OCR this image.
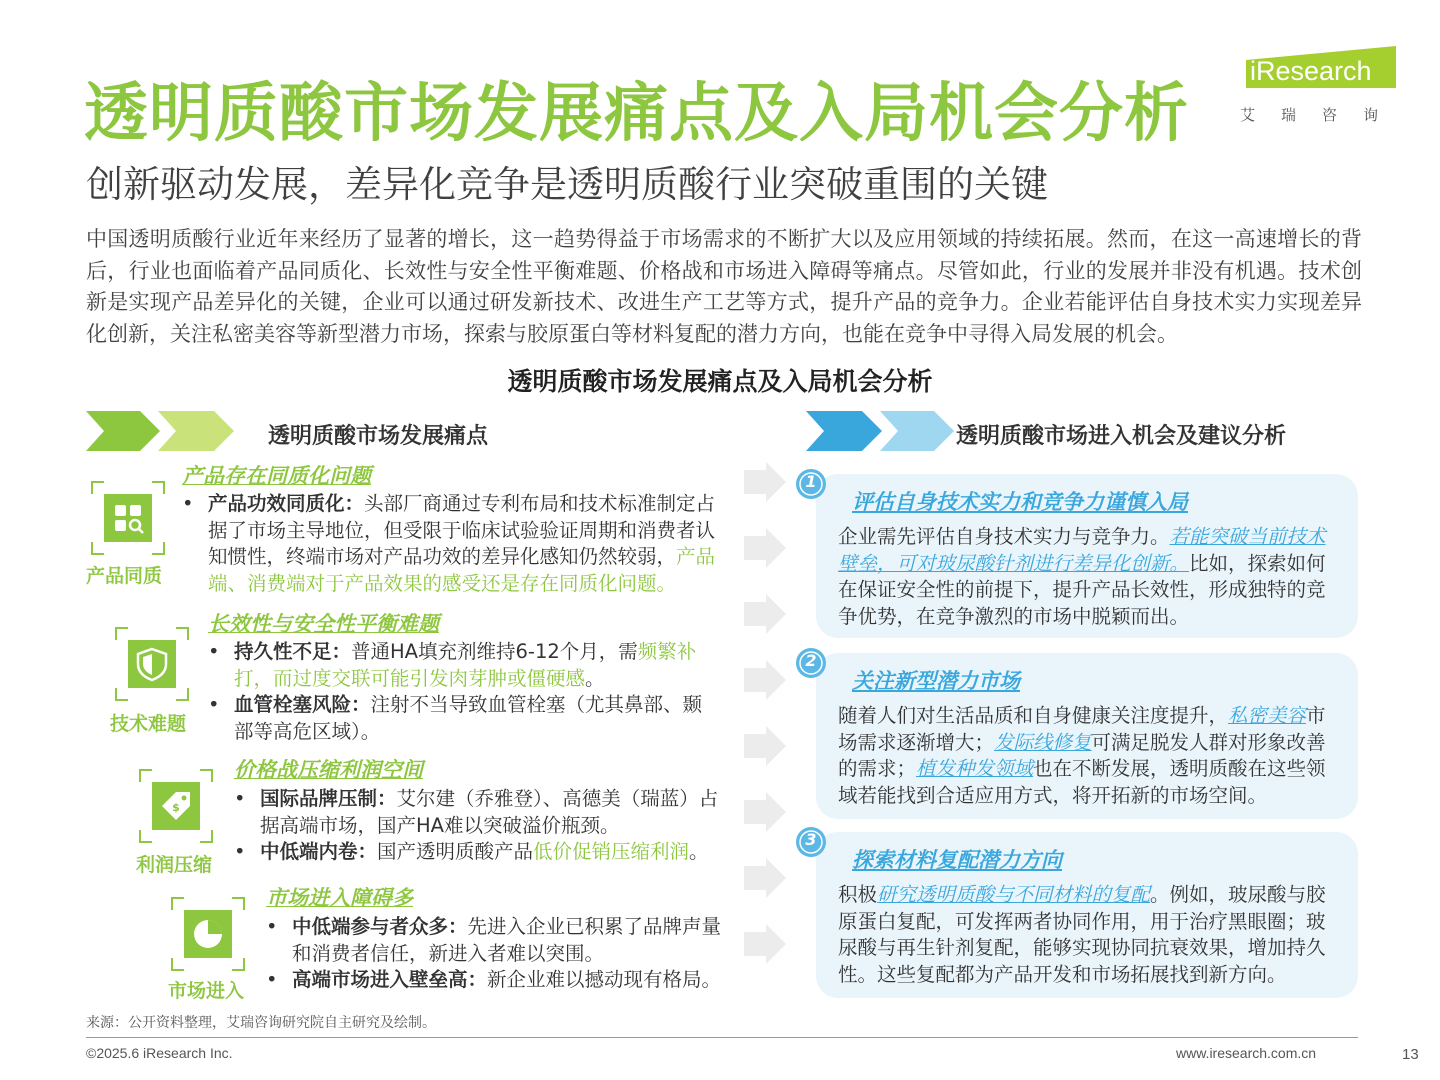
透明质酸市场发展痛点及入局机会分析
创新驱动发展，差异化竞争是透明质酸行业突破重围的关键
iResearch
艾瑞咨询
中国透明质酸行业近年来经历了显著的增长，这一趋势得益于市场需求的不断扩大以及应用领域的持续拓展。然而，在这一高速增长的背后，行业也面临着产品同质化、长效性与安全性平衡难题、价格战和市场进入障碍等痛点。尽管如此，行业的发展并非没有机遇。技术创新是实现产品差异化的关键，企业可以通过研发新技术、改进生产工艺等方式，提升产品的竞争力。企业若能评估自身技术实力实现差异化创新，关注私密美容等新型潜力市场，探索与胶原蛋白等材料复配的潜力方向，也能在竞争中寻得入局发展的机会。
透明质酸市场发展痛点及入局机会分析
透明质酸市场发展痛点	透明质酸市场进入机会及建议分析
产品同质
产品存在同质化问题
• 产品功效同质化：头部厂商通过专利布局和技术标准制定占据了市场主导地位，但受限于临床试验验证周期和消费者认知惯性，终端市场对产品功效的差异化感知仍然较弱，产品端、消费端对于产品效果的感受还是存在同质化问题。
技术难题
长效性与安全性平衡难题
• 持久性不足：普通HA填充剂维持6-12个月，需频繁补打，而过度交联可能引发肉芽肿或僵硬感。
• 血管栓塞风险：注射不当导致血管栓塞（尤其鼻部、颞部等高危区域）。
$
利润压缩
价格战压缩利润空间
• 国际品牌压制：艾尔建（乔雅登）、高德美（瑞蓝）占据高端市场，国产HA难以突破溢价瓶颈。
• 中低端内卷：国产透明质酸产品低价促销压缩利润。
市场进入
市场进入障碍多
• 中低端参与者众多：先进入企业已积累了品牌声量和消费者信任，新进入者难以突围。
• 高端市场进入壁垒高：新企业难以撼动现有格局。
评估自身技术实力和竞争力谨慎入局
企业需先评估自身技术实力与竞争力。若能突破当前技术壁垒，可对玻尿酸针剂进行差异化创新。比如，探索如何在保证安全性的前提下，提升产品长效性，形成独特的竞争优势，在竞争激烈的市场中脱颖而出。
1
关注新型潜力市场
随着人们对生活品质和自身健康关注度提升，私密美容市场需求逐渐增大；发际线修复可满足脱发人群对形象改善的需求；植发种发领域也在不断发展，透明质酸在这些领域若能找到合适应用方式，将开拓新的市场空间。
2
探索材料复配潜力方向
积极研究透明质酸与不同材料的复配。例如，玻尿酸与胶原蛋白复配，可发挥两者协同作用，用于治疗黑眼圈；玻尿酸与再生针剂复配，能够实现协同抗衰效果，增加持久性。这些复配都为产品开发和市场拓展找到新方向。
3
来源：公开资料整理，艾瑞咨询研究院自主研究及绘制。
©2025.6 iResearch Inc.	www.iresearch.com.cn	13
